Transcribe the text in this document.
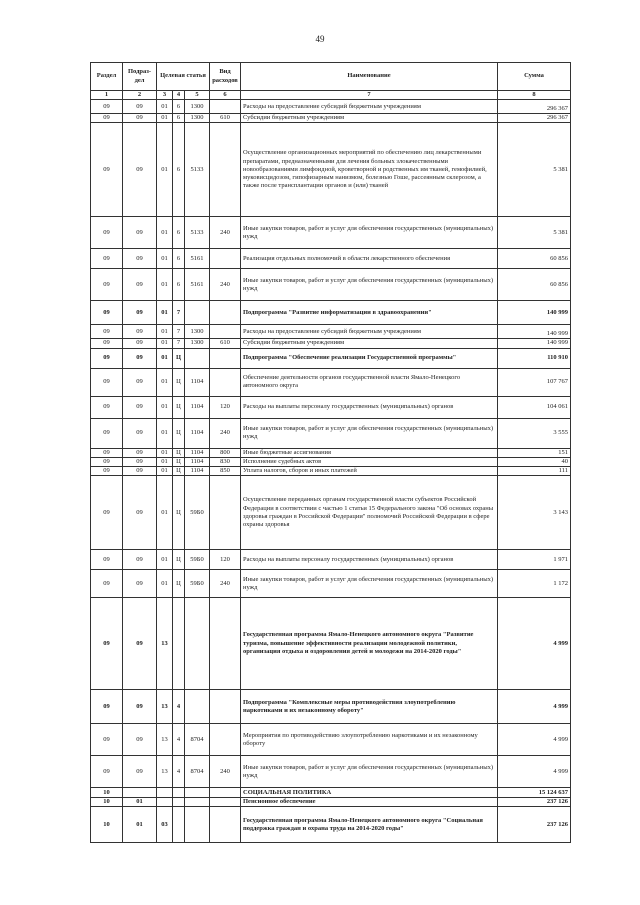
49
Раздел	Подраз-дел	Целевая статья			Вид расходов	Наименование	Сумма
1	2	3	4	5	6	7	8
09	09	01	6	1300		Расходы на предоставление субсидий бюджетным учреждениям	296 367
09	09	01	6	1300	610	Субсидии бюджетным учреждениям	296 367
09	09	01	6	5133		Осуществление организационных мероприятий по обеспечению лиц лекарственными препаратами, предназначенными для лечения больных злокачественными новообразованиями лимфоидной, кроветворной и родственных им тканей, гемофилией, муковисцидозом, гипофизарным нанизмом, болезнью Гоше, рассеянным склерозом, а также после трансплантации органов и (или) тканей	5 381
09	09	01	6	5133	240	Иные закупки товаров, работ и услуг для обеспечения государственных (муниципальных) нужд	5 381
09	09	01	6	5161		Реализация отдельных полномочий в области лекарственного обеспечения	60 856
09	09	01	6	5161	240	Иные закупки товаров, работ и услуг для обеспечения государственных (муниципальных) нужд	60 856
09	09	01	7			Подпрограмма "Развитие информатизации в здравоохранении"	140 999
09	09	01	7	1300		Расходы на предоставление субсидий бюджетным учреждениям	140 999
09	09	01	7	1300	610	Субсидии бюджетным учреждениям	140 999
09	09	01	Ц			Подпрограмма "Обеспечение реализации Государственной программы"	110 910
09	09	01	Ц	1104		Обеспечение деятельности органов государственной власти Ямало-Ненецкого автономного округа	107 767
09	09	01	Ц	1104	120	Расходы на выплаты персоналу государственных (муниципальных) органов	104 061
09	09	01	Ц	1104	240	Иные закупки товаров, работ и услуг для обеспечения государственных (муниципальных) нужд	3 555
09	09	01	Ц	1104	800	Иные бюджетные ассигнования	151
09	09	01	Ц	1104	830	Исполнение судебных актов	40
09	09	01	Ц	1104	850	Уплата налогов, сборов и иных платежей	111
09	09	01	Ц	59Б0		Осуществление переданных органам государственной власти субъектов Российской Федерации в соответствии с частью 1 статьи 15 Федерального закона "Об основах охраны здоровья граждан в Российской Федерации" полномочий Российской Федерации в сфере охраны здоровья	3 143
09	09	01	Ц	59Б0	120	Расходы на выплаты персоналу государственных (муниципальных) органов	1 971
09	09	01	Ц	59Б0	240	Иные закупки товаров, работ и услуг для обеспечения государственных (муниципальных) нужд	1 172
09	09	13				Государственная программа Ямало-Ненецкого автономного округа "Развитие туризма, повышение эффективности реализации молодежной политики, организация отдыха и оздоровления детей и молодежи на 2014-2020 годы"	4 999
09	09	13	4			Подпрограмма "Комплексные меры противодействия злоупотреблению наркотиками и их незаконному обороту"	4 999
09	09	13	4	8704		Мероприятия по противодействию злоупотреблению наркотиками и их незаконному обороту	4 999
09	09	13	4	8704	240	Иные закупки товаров, работ и услуг для обеспечения государственных (муниципальных) нужд	4 999
10						СОЦИАЛЬНАЯ ПОЛИТИКА	15 124 637
10	01					Пенсионное обеспечение	237 126
10	01	03				Государственная программа Ямало-Ненецкого автономного округа "Социальная поддержка граждан и охрана труда на 2014-2020 годы"	237 126
